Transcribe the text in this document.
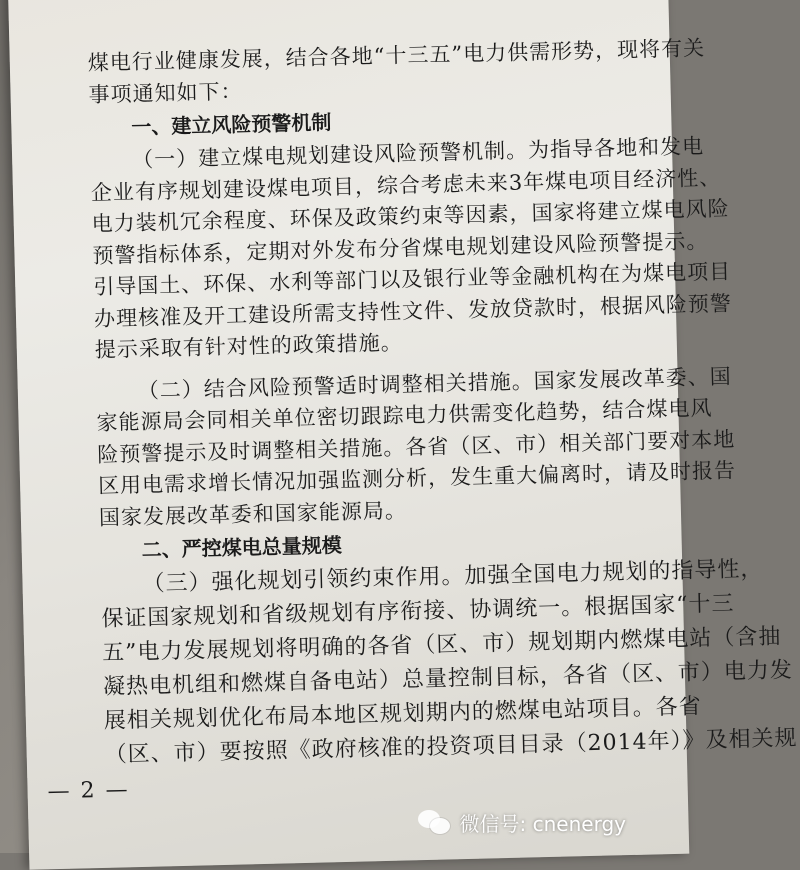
煤电行业健康发展，结合各地“十三五”电力供需形势，现将有关
事项通知如下：
一、建立风险预警机制
（一）建立煤电规划建设风险预警机制。为指导各地和发电
企业有序规划建设煤电项目，综合考虑未来3年煤电项目经济性、
电力装机冗余程度、环保及政策约束等因素，国家将建立煤电风险
预警指标体系，定期对外发布分省煤电规划建设风险预警提示。
引导国土、环保、水利等部门以及银行业等金融机构在为煤电项目
办理核准及开工建设所需支持性文件、发放贷款时，根据风险预警
提示采取有针对性的政策措施。
（二）结合风险预警适时调整相关措施。国家发展改革委、国
家能源局会同相关单位密切跟踪电力供需变化趋势，结合煤电风
险预警提示及时调整相关措施。各省（区、市）相关部门要对本地
区用电需求增长情况加强监测分析，发生重大偏离时，请及时报告
国家发展改革委和国家能源局。
二、严控煤电总量规模
（三）强化规划引领约束作用。加强全国电力规划的指导性，
保证国家规划和省级规划有序衔接、协调统一。根据国家“十三
五”电力发展规划将明确的各省（区、市）规划期内燃煤电站（含抽
凝热电机组和燃煤自备电站）总量控制目标，各省（区、市）电力发
展相关规划优化布局本地区规划期内的燃煤电站项目。各省
（区、市）要按照《政府核准的投资项目目录（2014年）》及相关规
— 2 —
微信号: cnenergy
